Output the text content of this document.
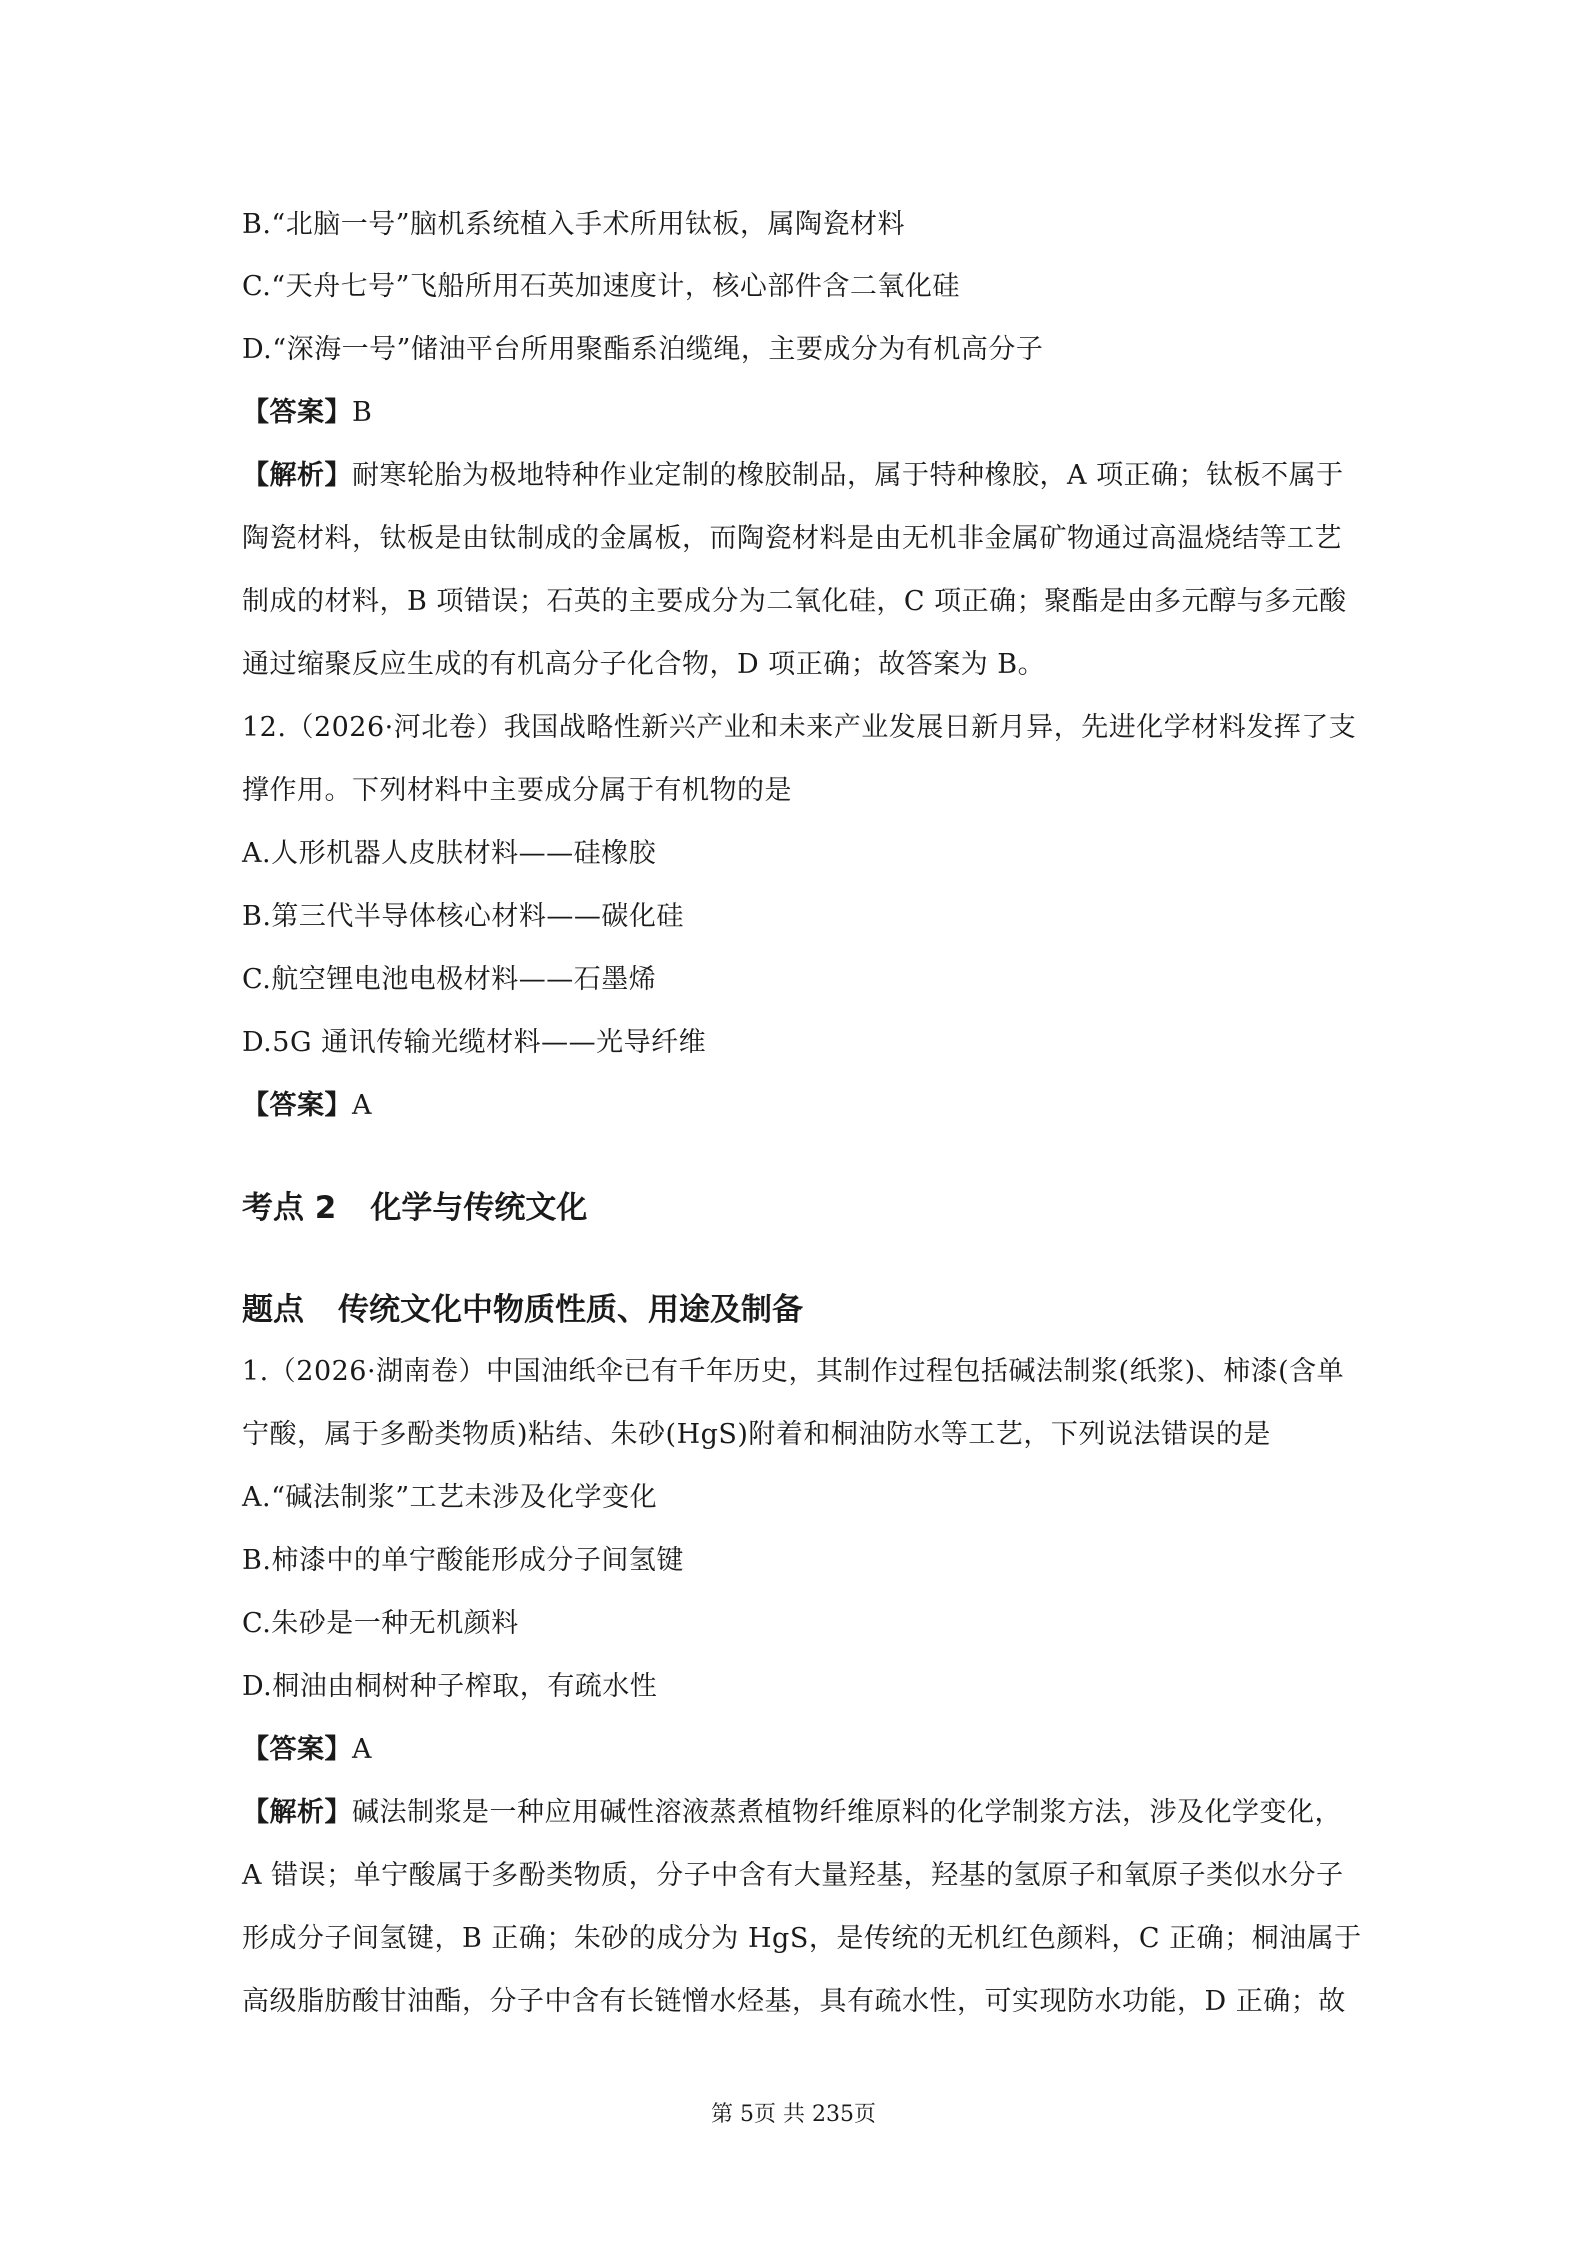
B.“北脑一号”脑机系统植入手术所用钛板，属陶瓷材料
C.“天舟七号”飞船所用石英加速度计，核心部件含二氧化硅
D.“深海一号”储油平台所用聚酯系泊缆绳，主要成分为有机高分子
【答案】B
【解析】耐寒轮胎为极地特种作业定制的橡胶制品，属于特种橡胶，A 项正确；钛板不属于
陶瓷材料，钛板是由钛制成的金属板，而陶瓷材料是由无机非金属矿物通过高温烧结等工艺
制成的材料，B 项错误；石英的主要成分为二氧化硅，C 项正确；聚酯是由多元醇与多元酸
通过缩聚反应生成的有机高分子化合物，D 项正确；故答案为 B。
12.（2026·河北卷）我国战略性新兴产业和未来产业发展日新月异，先进化学材料发挥了支
撑作用。下列材料中主要成分属于有机物的是
A.人形机器人皮肤材料——硅橡胶
B.第三代半导体核心材料——碳化硅
C.航空锂电池电极材料——石墨烯
D.5G 通讯传输光缆材料——光导纤维
【答案】A
考点 2 化学与传统文化
题点 传统文化中物质性质、用途及制备
1.（2026·湖南卷）中国油纸伞已有千年历史，其制作过程包括碱法制浆(纸浆)、柿漆(含单
宁酸，属于多酚类物质)粘结、朱砂(HgS)附着和桐油防水等工艺，下列说法错误的是
A.“碱法制浆”工艺未涉及化学变化
B.柿漆中的单宁酸能形成分子间氢键
C.朱砂是一种无机颜料
D.桐油由桐树种子榨取，有疏水性
【答案】A
【解析】碱法制浆是一种应用碱性溶液蒸煮植物纤维原料的化学制浆方法，涉及化学变化，
A 错误；单宁酸属于多酚类物质，分子中含有大量羟基，羟基的氢原子和氧原子类似水分子
形成分子间氢键，B 正确；朱砂的成分为 HgS，是传统的无机红色颜料，C 正确；桐油属于
高级脂肪酸甘油酯，分子中含有长链憎水烃基，具有疏水性，可实现防水功能，D 正确；故
第 5页 共 235页
